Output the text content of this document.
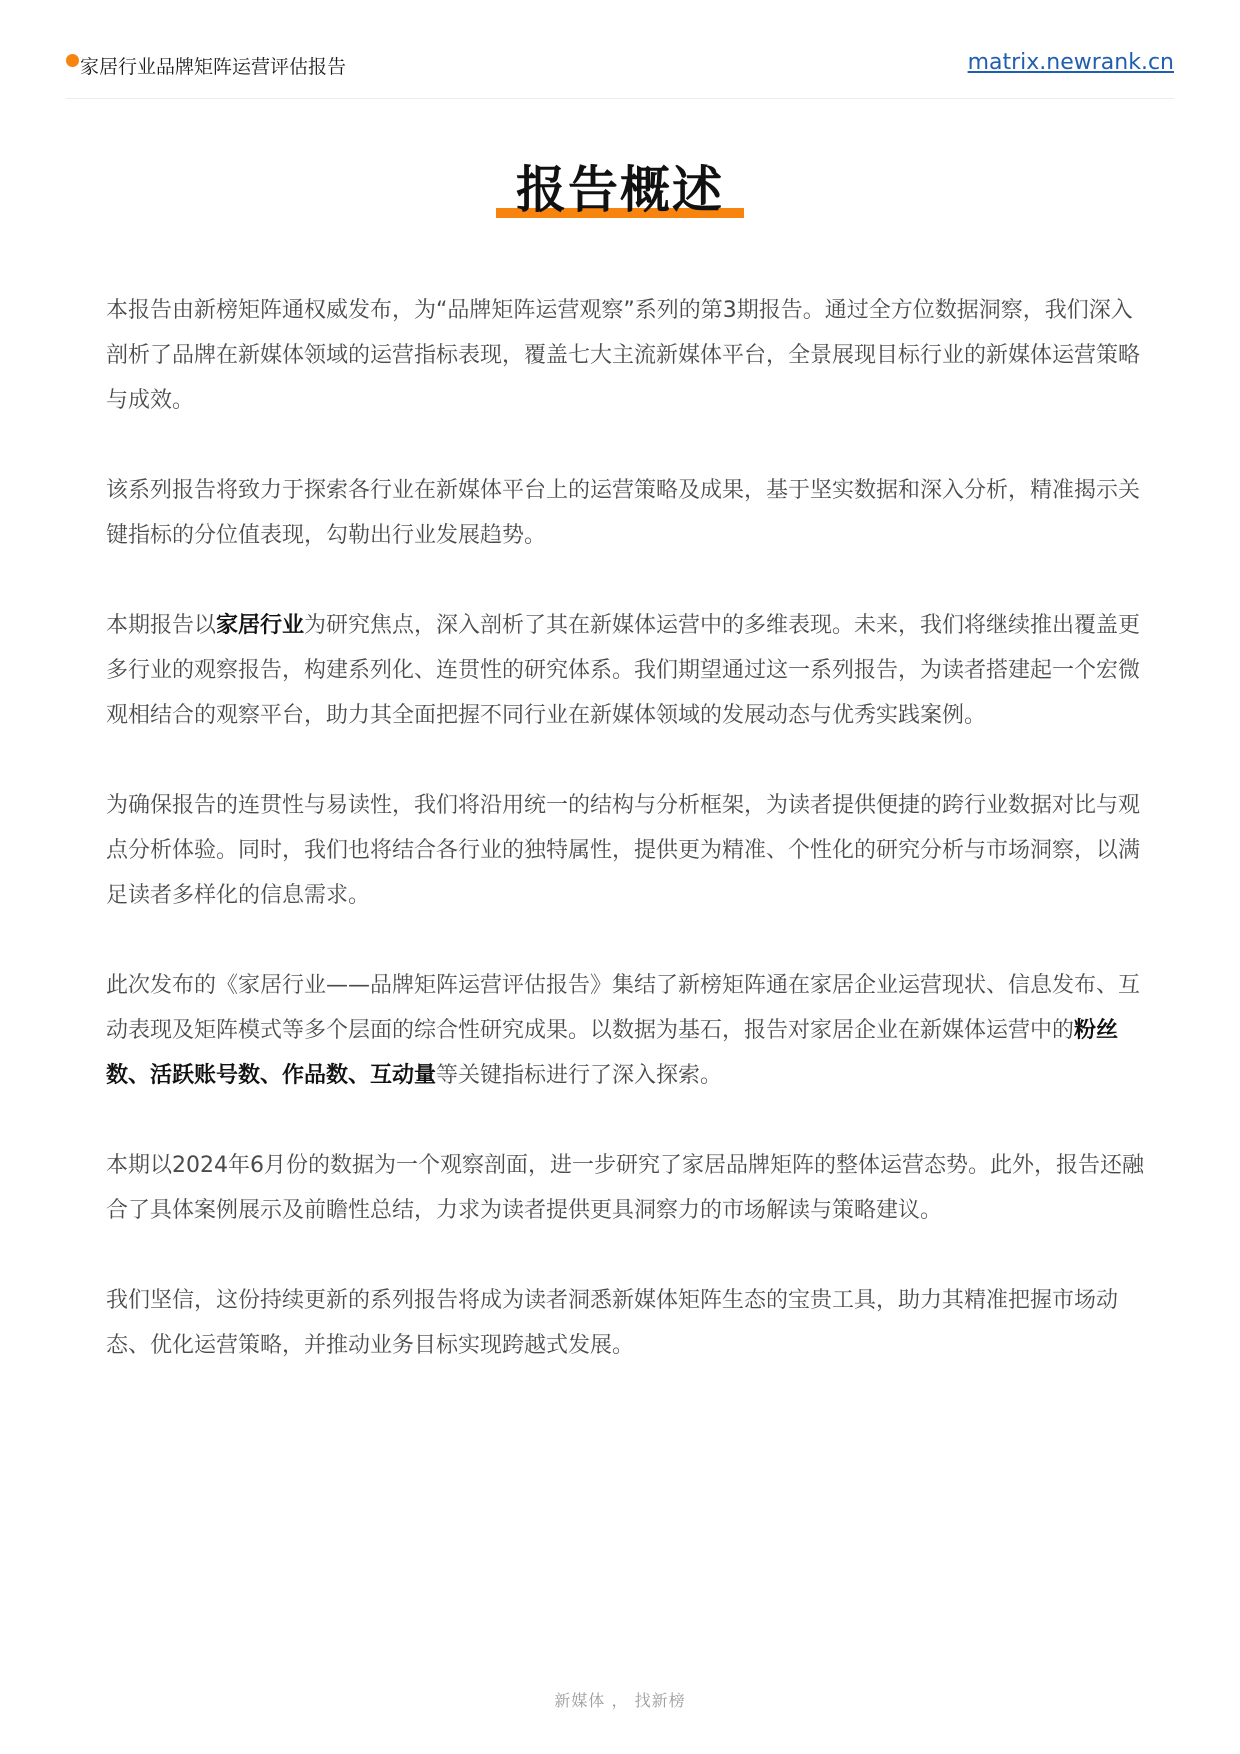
家居行业品牌矩阵运营评估报告	matrix.newrank.cn
报告概述

本报告由新榜矩阵通权威发布，为“品牌矩阵运营观察”系列的第3期报告。通过全方位数据洞察，我们深入剖析了品牌在新媒体领域的运营指标表现，覆盖七大主流新媒体平台，全景展现目标行业的新媒体运营策略与成效。

该系列报告将致力于探索各行业在新媒体平台上的运营策略及成果，基于坚实数据和深入分析，精准揭示关键指标的分位值表现，勾勒出行业发展趋势。

本期报告以家居行业为研究焦点，深入剖析了其在新媒体运营中的多维表现。未来，我们将继续推出覆盖更多行业的观察报告，构建系列化、连贯性的研究体系。我们期望通过这一系列报告，为读者搭建起一个宏微观相结合的观察平台，助力其全面把握不同行业在新媒体领域的发展动态与优秀实践案例。

为确保报告的连贯性与易读性，我们将沿用统一的结构与分析框架，为读者提供便捷的跨行业数据对比与观点分析体验。同时，我们也将结合各行业的独特属性，提供更为精准、个性化的研究分析与市场洞察，以满足读者多样化的信息需求。

此次发布的《家居行业——品牌矩阵运营评估报告》集结了新榜矩阵通在家居企业运营现状、信息发布、互动表现及矩阵模式等多个层面的综合性研究成果。以数据为基石，报告对家居企业在新媒体运营中的粉丝数、活跃账号数、作品数、互动量等关键指标进行了深入探索。

本期以2024年6月份的数据为一个观察剖面，进一步研究了家居品牌矩阵的整体运营态势。此外，报告还融合了具体案例展示及前瞻性总结，力求为读者提供更具洞察力的市场解读与策略建议。

我们坚信，这份持续更新的系列报告将成为读者洞悉新媒体矩阵生态的宝贵工具，助力其精准把握市场动态、优化运营策略，并推动业务目标实现跨越式发展。

新媒体 ， 找新榜
